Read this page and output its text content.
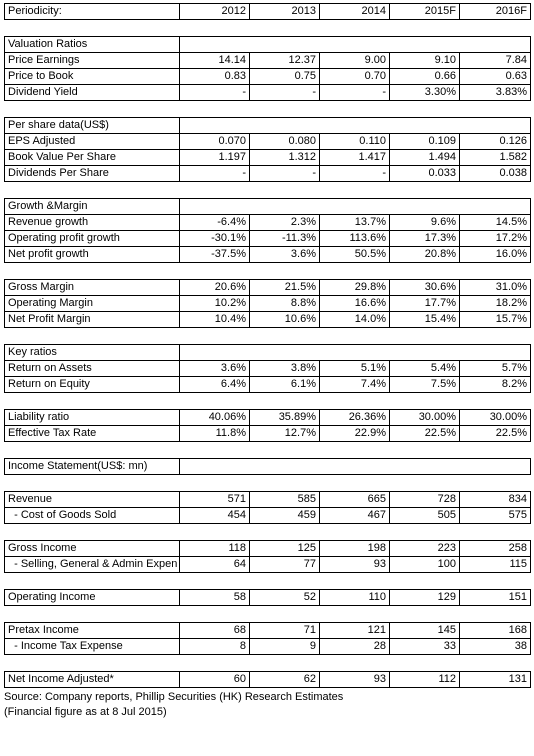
Periodicity:	2012	2013	2014	2015F	2016F

Valuation Ratios					
Price Earnings	14.14	12.37	9.00	9.10	7.84
Price to Book	0.83	0.75	0.70	0.66	0.63
Dividend Yield	-	-	-	3.30%	3.83%

Per share data(US$)					
EPS Adjusted	0.070	0.080	0.110	0.109	0.126
Book Value Per Share	1.197	1.312	1.417	1.494	1.582
Dividends Per Share	-	-	-	0.033	0.038

Growth &Margin					
Revenue growth	-6.4%	2.3%	13.7%	9.6%	14.5%
Operating profit growth	-30.1%	-11.3%	113.6%	17.3%	17.2%
Net profit growth	-37.5%	3.6%	50.5%	20.8%	16.0%

Gross Margin	20.6%	21.5%	29.8%	30.6%	31.0%
Operating Margin	10.2%	8.8%	16.6%	17.7%	18.2%
Net Profit Margin	10.4%	10.6%	14.0%	15.4%	15.7%

Key ratios					
Return on Assets	3.6%	3.8%	5.1%	5.4%	5.7%
Return on Equity	6.4%	6.1%	7.4%	7.5%	8.2%

Liability ratio	40.06%	35.89%	26.36%	30.00%	30.00%
Effective Tax Rate	11.8%	12.7%	22.9%	22.5%	22.5%

Income Statement(US$: mn)					

Revenue	571	585	665	728	834
- Cost of Goods Sold	454	459	467	505	575

Gross Income	118	125	198	223	258
- Selling, General & Admin Expen	64	77	93	100	115

Operating Income	58	52	110	129	151

Pretax Income	68	71	121	145	168
- Income Tax Expense	8	9	28	33	38

Net Income Adjusted*	60	62	93	112	131
Source: Company reports, Phillip Securities (HK) Research Estimates
(Financial figure as at 8 Jul 2015)
